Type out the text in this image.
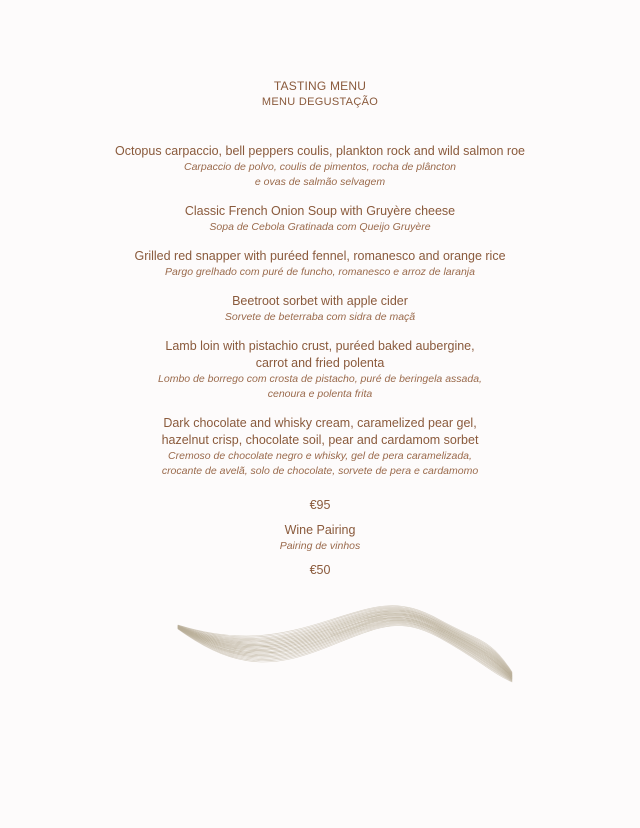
TASTING MENU
MENU DEGUSTAÇÃO
Octopus carpaccio, bell peppers coulis, plankton rock and wild salmon roe
Carpaccio de polvo, coulis de pimentos, rocha de plâncton
e ovas de salmão selvagem
Classic French Onion Soup with Gruyère cheese
Sopa de Cebola Gratinada com Queijo Gruyère
Grilled red snapper with puréed fennel, romanesco and orange rice
Pargo grelhado com puré de funcho, romanesco e arroz de laranja
Beetroot sorbet with apple cider
Sorvete de beterraba com sidra de maçã
Lamb loin with pistachio crust, puréed baked aubergine,
carrot and fried polenta
Lombo de borrego com crosta de pistacho, puré de beringela assada,
cenoura e polenta frita
Dark chocolate and whisky cream, caramelized pear gel,
hazelnut crisp, chocolate soil, pear and cardamom sorbet
Cremoso de chocolate negro e whisky, gel de pera caramelizada,
crocante de avelã, solo de chocolate, sorvete de pera e cardamomo
€95
Wine Pairing
Pairing de vinhos
€50
